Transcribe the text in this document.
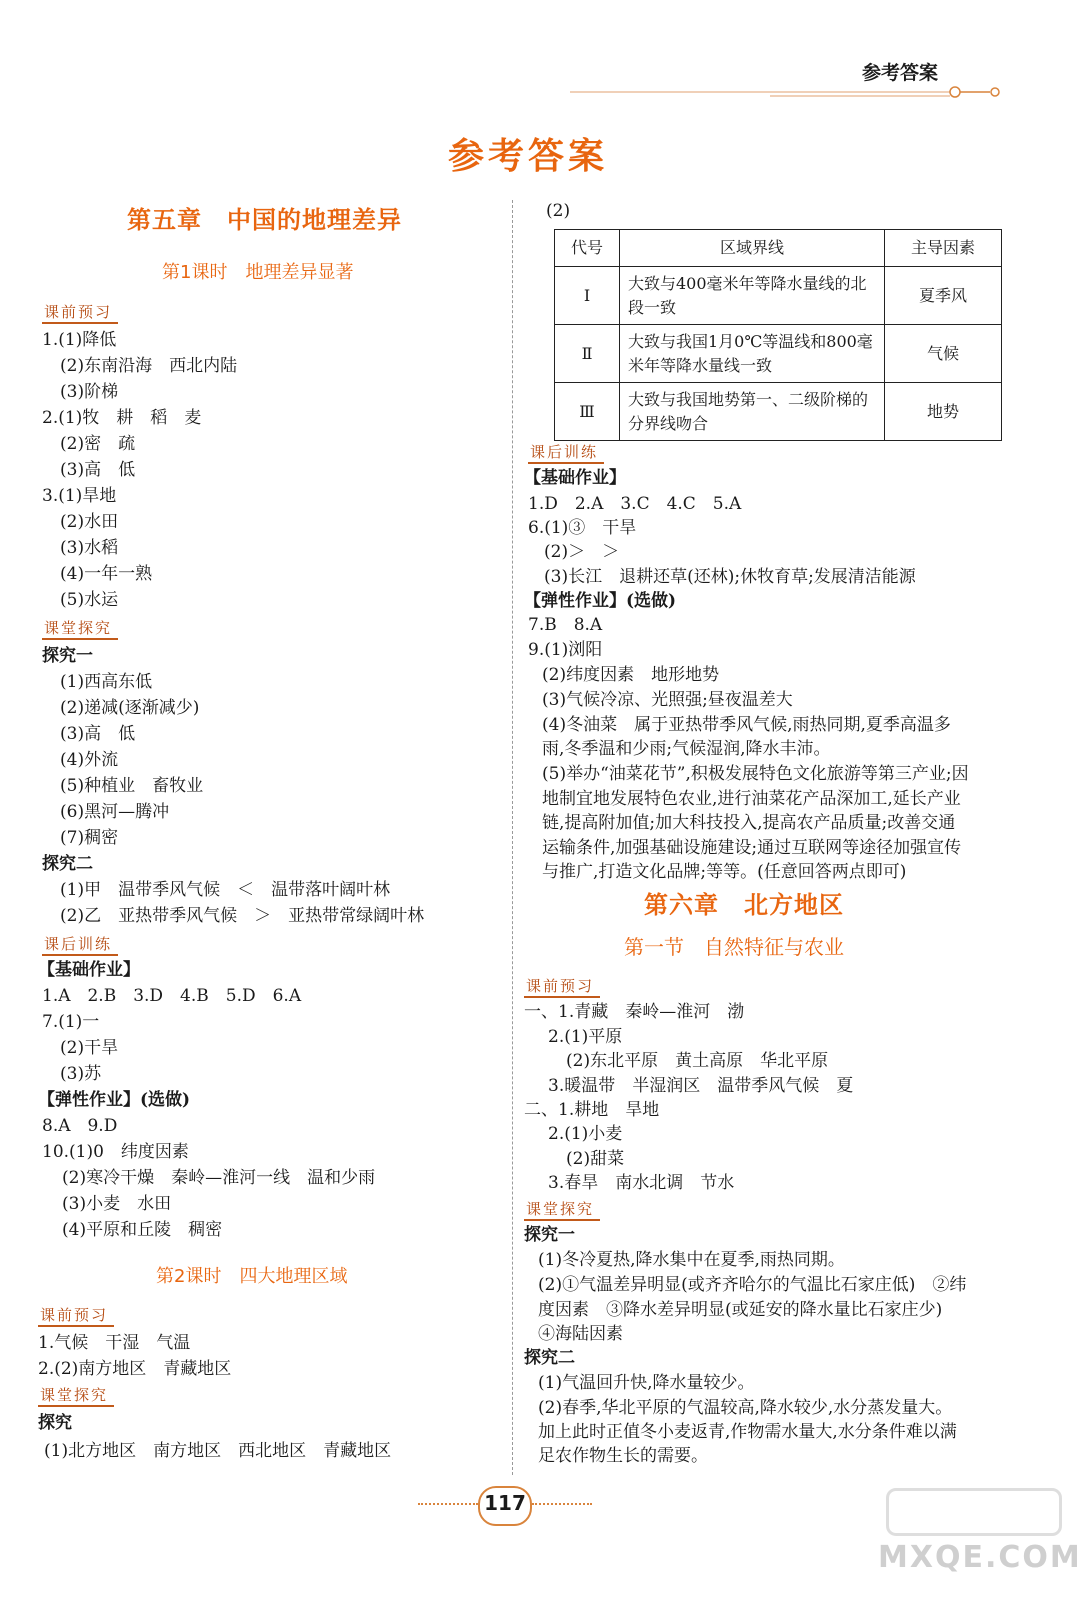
参考答案
参考答案
第五章　中国的地理差异
第1课时　地理差异显著
课前预习
1.(1)降低
(2)东南沿海　西北内陆
(3)阶梯
2.(1)牧　耕　稻　麦
(2)密　疏
(3)高　低
3.(1)旱地
(2)水田
(3)水稻
(4)一年一熟
(5)水运
课堂探究
探究一
(1)西高东低
(2)递减(逐渐减少)
(3)高　低
(4)外流
(5)种植业　畜牧业
(6)黑河—腾冲
(7)稠密
探究二
(1)甲　温带季风气候　＜　温带落叶阔叶林
(2)乙　亚热带季风气候　＞　亚热带常绿阔叶林
课后训练
【基础作业】
1.A　2.B　3.D　4.B　5.D　6.A
7.(1)一
(2)干旱
(3)苏
【弹性作业】(选做)
8.A　9.D
10.(1)0　纬度因素
(2)寒冷干燥　秦岭—淮河一线　温和少雨
(3)小麦　水田
(4)平原和丘陵　稠密
第2课时　四大地理区域
课前预习
1.气候　干湿　气温
2.(2)南方地区　青藏地区
课堂探究
探究
(1)北方地区　南方地区　西北地区　青藏地区
(2)
代号	区域界线	主导因素
Ⅰ	大致与400毫米年等降水量线的北段一致	夏季风
Ⅱ	大致与我国1月0℃等温线和800毫米年等降水量线一致	气候
Ⅲ	大致与我国地势第一、二级阶梯的分界线吻合	地势
课后训练
【基础作业】
1.D　2.A　3.C　4.C　5.A
6.(1)③　干旱
(2)＞　＞
(3)长江　退耕还草(还林);休牧育草;发展清洁能源
【弹性作业】(选做)
7.B　8.A
9.(1)浏阳
(2)纬度因素　地形地势
(3)气候冷凉、光照强;昼夜温差大
(4)冬油菜　属于亚热带季风气候,雨热同期,夏季高温多
雨,冬季温和少雨;气候湿润,降水丰沛。
(5)举办“油菜花节”,积极发展特色文化旅游等第三产业;因
地制宜地发展特色农业,进行油菜花产品深加工,延长产业
链,提高附加值;加大科技投入,提高农产品质量;改善交通
运输条件,加强基础设施建设;通过互联网等途径加强宣传
与推广,打造文化品牌;等等。(任意回答两点即可)
第六章　北方地区
第一节　自然特征与农业
课前预习
一、1.青藏　秦岭—淮河　渤
2.(1)平原
(2)东北平原　黄土高原　华北平原
3.暖温带　半湿润区　温带季风气候　夏
二、1.耕地　旱地
2.(1)小麦
(2)甜菜
3.春旱　南水北调　节水
课堂探究
探究一
(1)冬冷夏热,降水集中在夏季,雨热同期。
(2)①气温差异明显(或齐齐哈尔的气温比石家庄低)　②纬
度因素　③降水差异明显(或延安的降水量比石家庄少)
④海陆因素
探究二
(1)气温回升快,降水量较少。
(2)春季,华北平原的气温较高,降水较少,水分蒸发量大。
加上此时正值冬小麦返青,作物需水量大,水分条件难以满
足农作物生长的需要。
117
MXQE.COM
